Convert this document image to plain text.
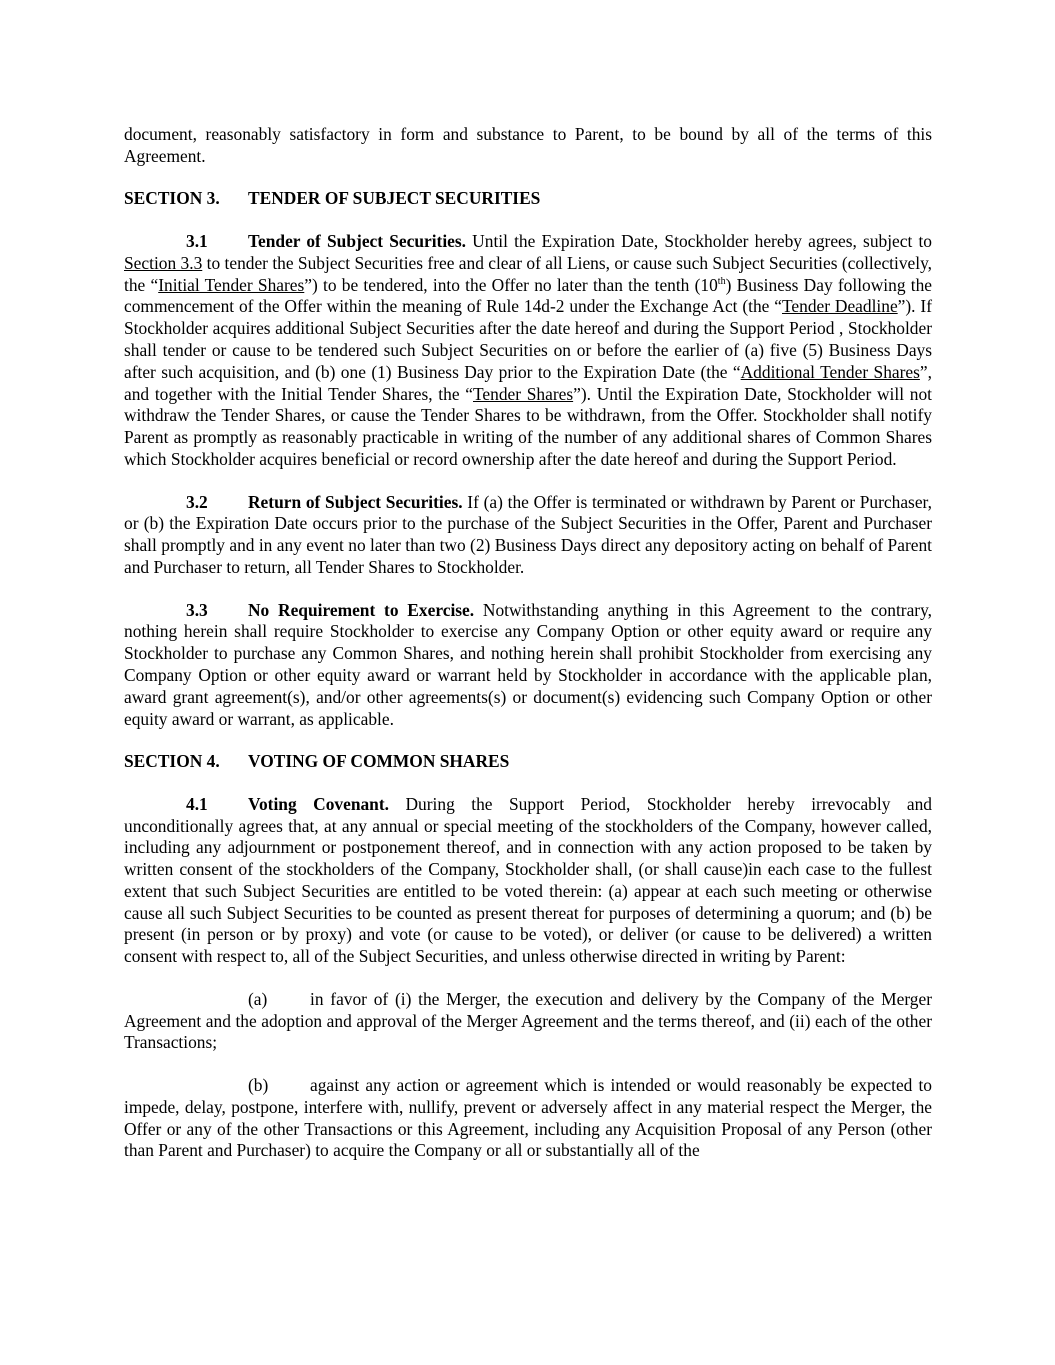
document, reasonably satisfactory in form and substance to Parent, to be bound by all of the terms of this Agreement.

SECTION 3. TENDER OF SUBJECT SECURITIES

3.1 Tender of Subject Securities. Until the Expiration Date, Stockholder hereby agrees, subject to Section 3.3 to tender the Subject Securities free and clear of all Liens, or cause such Subject Securities (collectively, the “Initial Tender Shares”) to be tendered, into the Offer no later than the tenth (10th) Business Day following the commencement of the Offer within the meaning of Rule 14d-2 under the Exchange Act (the “Tender Deadline”). If Stockholder acquires additional Subject Securities after the date hereof and during the Support Period , Stockholder shall tender or cause to be tendered such Subject Securities on or before the earlier of (a) five (5) Business Days after such acquisition, and (b) one (1) Business Day prior to the Expiration Date (the “Additional Tender Shares”, and together with the Initial Tender Shares, the “Tender Shares”). Until the Expiration Date, Stockholder will not withdraw the Tender Shares, or cause the Tender Shares to be withdrawn, from the Offer. Stockholder shall notify Parent as promptly as reasonably practicable in writing of the number of any additional shares of Common Shares which Stockholder acquires beneficial or record ownership after the date hereof and during the Support Period.

3.2 Return of Subject Securities. If (a) the Offer is terminated or withdrawn by Parent or Purchaser, or (b) the Expiration Date occurs prior to the purchase of the Subject Securities in the Offer, Parent and Purchaser shall promptly and in any event no later than two (2) Business Days direct any depository acting on behalf of Parent and Purchaser to return, all Tender Shares to Stockholder.

3.3 No Requirement to Exercise. Notwithstanding anything in this Agreement to the contrary, nothing herein shall require Stockholder to exercise any Company Option or other equity award or require any Stockholder to purchase any Common Shares, and nothing herein shall prohibit Stockholder from exercising any Company Option or other equity award or warrant held by Stockholder in accordance with the applicable plan, award grant agreement(s), and/or other agreements(s) or document(s) evidencing such Company Option or other equity award or warrant, as applicable.

SECTION 4. VOTING OF COMMON SHARES

4.1 Voting Covenant. During the Support Period, Stockholder hereby irrevocably and unconditionally agrees that, at any annual or special meeting of the stockholders of the Company, however called, including any adjournment or postponement thereof, and in connection with any action proposed to be taken by written consent of the stockholders of the Company, Stockholder shall, (or shall cause)in each case to the fullest extent that such Subject Securities are entitled to be voted therein: (a) appear at each such meeting or otherwise cause all such Subject Securities to be counted as present thereat for purposes of determining a quorum; and (b) be present (in person or by proxy) and vote (or cause to be voted), or deliver (or cause to be delivered) a written consent with respect to, all of the Subject Securities, and unless otherwise directed in writing by Parent:

(a) in favor of (i) the Merger, the execution and delivery by the Company of the Merger Agreement and the adoption and approval of the Merger Agreement and the terms thereof, and (ii) each of the other Transactions;

(b) against any action or agreement which is intended or would reasonably be expected to impede, delay, postpone, interfere with, nullify, prevent or adversely affect in any material respect the Merger, the Offer or any of the other Transactions or this Agreement, including any Acquisition Proposal of any Person (other than Parent and Purchaser) to acquire the Company or all or substantially all of the
